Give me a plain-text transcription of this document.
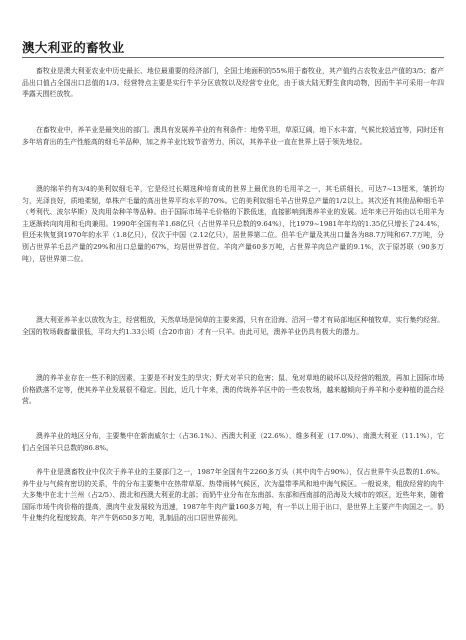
澳大利亚的畜牧业

畜牧业是澳大利亚农业中历史最长、地位最重要的经济部门，全国土地面积的55%用于畜牧业，其产值约占农牧业总产值的3/5；畜产品出口值占全国出口总值的1/3。经营特点主要是实行牛羊分区放牧以及经营专业化，由于该大陆无野生食肉动物，因而牛羊可采用一年四季露天围栏放牧。

在畜牧业中，养羊业是最突出的部门。澳具有发展养羊业的有利条件：地势平坦，草原辽阔，地下水丰富，气候比较适宜等，同时还有多年培育出的生产性能高的细毛羊品种，加之养羊业比较节省劳力，所以，其养羊业一直在世界上居于领先地位。

澳的绵羊约有3/4的美利奴细毛羊，它是经过长期选种培育成的世界上最优良的毛用羊之一，其毛质细长，可达7~13厘米，皱折均匀，光泽良好，质地柔韧，单株产毛量的高出世界平均水平的70%。它的美利奴细毛羊占世界总产量的1/2以上。其次还有其他品种细毛羊（考利代、波尔华斯）及肉用杂种羊等品种。由于国际市场羊毛价格的下跌低迷，直接影响到澳养羊业的发展。近年来已开始由以毛用羊为主逐渐转向肉用和毛肉兼用。1990年全国有羊1.68亿只（占世界羊只总数的9.64%），比1979~1981年年均的1.35亿只增长了24.4%，但还未恢复到1970年的水平（1.8亿只），仅次于中国（2.12亿只），居世界第二位。但羊毛产量及其出口量各为88.7万吨和67.7万吨，分别占世界羊毛总产量的29%和出口总量的67%，均居世界首位。羊肉产量60多万吨，占世界羊肉总产量的9.1%，次于原苏联（90多万吨），居世界第二位。

澳大利亚养羊业以放牧为主，经营粗放，天然草场是饲草的主要来源，只有在沿海、沿河一带才有局部地区种植牧草，实行集约经营。全国的牧场载畜量很低，平均大约1.33公顷（合20市亩）才有一只羊。由此可见，澳养羊业仍具有极大的潜力。

澳的养羊业存在一些不利的因素，主要是不时发生的旱灾；野犬对羊只的危害；鼠、兔对草地的破坏以及经营的粗放，再加上国际市场价格跌落不定等，使其养羊业发展很不稳定。因此，近几十年来，澳的传统养羊区中的一些农牧场，越来越倾向于养羊和小麦种植的混合经营。

澳养羊业的地区分布，主要集中在新南威尔士（占36.1%）、西澳大利亚（22.6%）、维多利亚（17.0%）、南澳大利亚（11.1%），它们占全国羊只总数的86.8%。

养牛业是澳畜牧业中仅次于养羊业的主要部门之一，1987年全国有牛2260多万头（其中肉牛占90%），仅占世界牛头总数的1.6%。养牛业与气候有密切的关系，牛的分布主要集中在热带草原、热带雨林气候区，次为温带季风和地中海气候区。一般说来，粗放经营的肉牛大多集中在北十兰州（占2/5）、澳北和西澳大利亚的北部；而奶牛业分布在东南部、东部和西南部的沿海及大城市的郊区，近些年来，随着国际市场牛肉价格的提高，澳肉牛业发展较为迅速，1987年牛肉产量160多万吨，有一半以上用于出口，是世界上主要产牛肉国之一。奶牛业集约化程度较高，年产牛奶650多万吨，乳制品的出口居世界前列。
